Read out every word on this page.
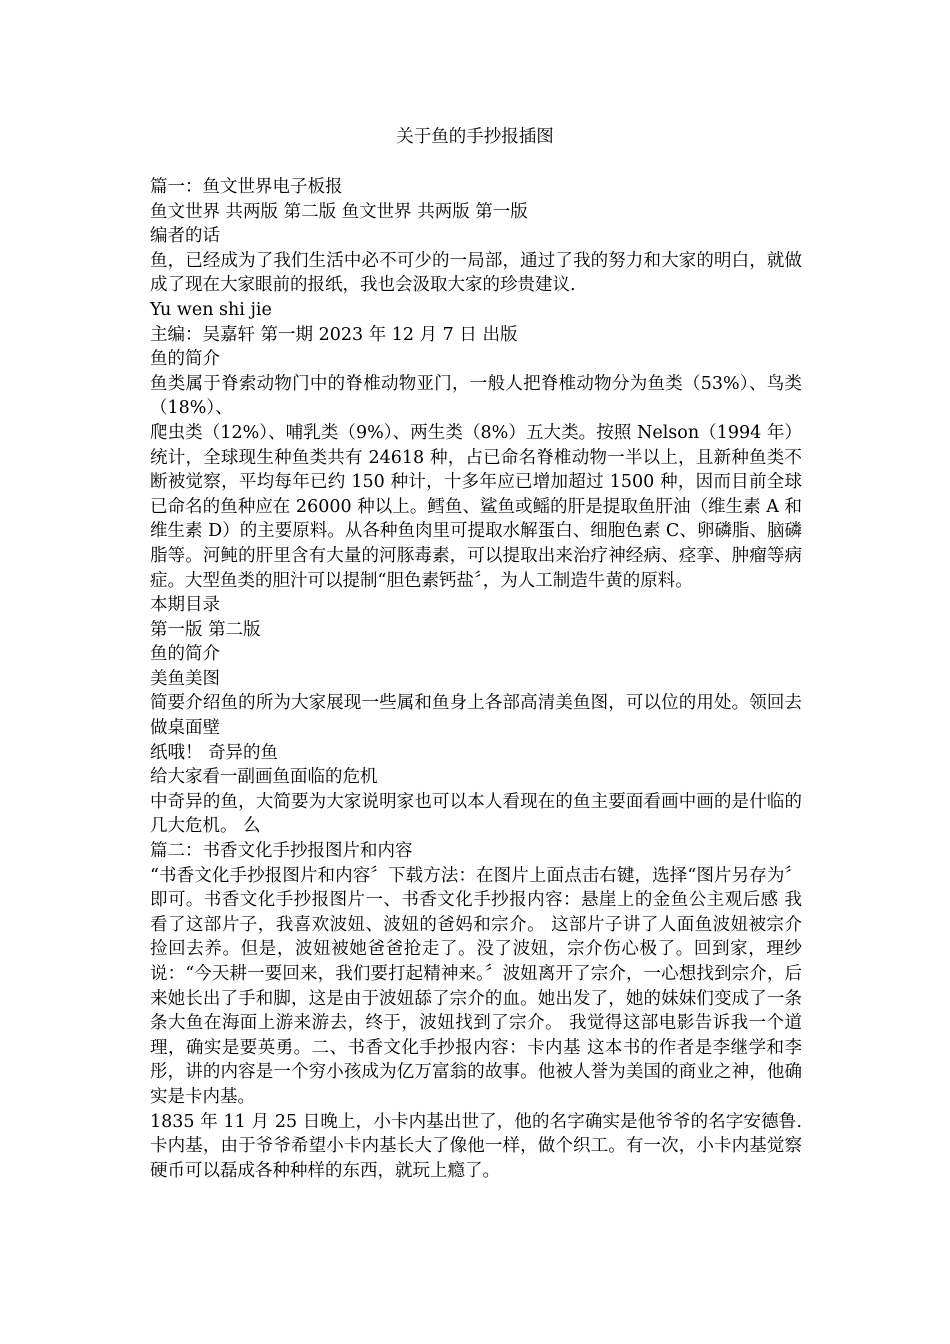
关于鱼的手抄报插图

篇一：鱼文世界电子板报

鱼文世界 共两版 第二版 鱼文世界 共两版 第一版

编者的话

鱼，已经成为了我们生活中必不可少的一局部，通过了我的努力和大家的明白，就做成了现在大家眼前的报纸，我也会汲取大家的珍贵建议.

Yu wen shi jie

主编：吴嘉轩 第一期 2023 年 12 月 7 日 出版

鱼的简介

鱼类属于脊索动物门中的脊椎动物亚门，一般人把脊椎动物分为鱼类（53%）、鸟类（18%）、

爬虫类（12%）、哺乳类（9%）、两生类（8%）五大类。按照 Nelson（1994 年）统计，全球现生种鱼类共有 24618 种，占已命名脊椎动物一半以上，且新种鱼类不断被觉察，平均每年已约 150 种计，十多年应已增加超过 1500 种，因而目前全球已命名的鱼种应在 26000 种以上。鳕鱼、鲨鱼或鳐的肝是提取鱼肝油（维生素 A 和维生素 D）的主要原料。从各种鱼肉里可提取水解蛋白、细胞色素 C、卵磷脂、脑磷脂等。河鲀的肝里含有大量的河豚毒素，可以提取出来治疗神经病、痉挛、肿瘤等病症。大型鱼类的胆汁可以提制“胆色素钙盐〞，为人工制造牛黄的原料。

本期目录

第一版 第二版

鱼的简介

美鱼美图

简要介绍鱼的所为大家展现一些属和鱼身上各部高清美鱼图，可以位的用处。领回去做桌面壁

纸哦！ 奇异的鱼

给大家看一副画鱼面临的危机

中奇异的鱼，大简要为大家说明家也可以本人看现在的鱼主要面看画中画的是什临的几大危机。 么

篇二：书香文化手抄报图片和内容

“书香文化手抄报图片和内容〞下载方法：在图片上面点击右键，选择“图片另存为〞即可。书香文化手抄报图片一、书香文化手抄报内容：悬崖上的金鱼公主观后感 我看了这部片子，我喜欢波妞、波妞的爸妈和宗介。 这部片子讲了人面鱼波妞被宗介捡回去养。但是，波妞被她爸爸抢走了。没了波妞，宗介伤心极了。回到家，理纱说：“今天耕一要回来，我们要打起精神来。〞波妞离开了宗介，一心想找到宗介，后来她长出了手和脚，这是由于波妞舔了宗介的血。她出发了，她的妹妹们变成了一条条大鱼在海面上游来游去，终于，波妞找到了宗介。 我觉得这部电影告诉我一个道理，确实是要英勇。二、书香文化手抄报内容：卡内基 这本书的作者是李继学和李彤，讲的内容是一个穷小孩成为亿万富翁的故事。他被人誉为美国的商业之神，他确实是卡内基。

1835 年 11 月 25 日晚上，小卡内基出世了，他的名字确实是他爷爷的名字安德鲁.卡内基，由于爷爷希望小卡内基长大了像他一样，做个织工。有一次，小卡内基觉察硬币可以磊成各种种样的东西，就玩上瘾了。
